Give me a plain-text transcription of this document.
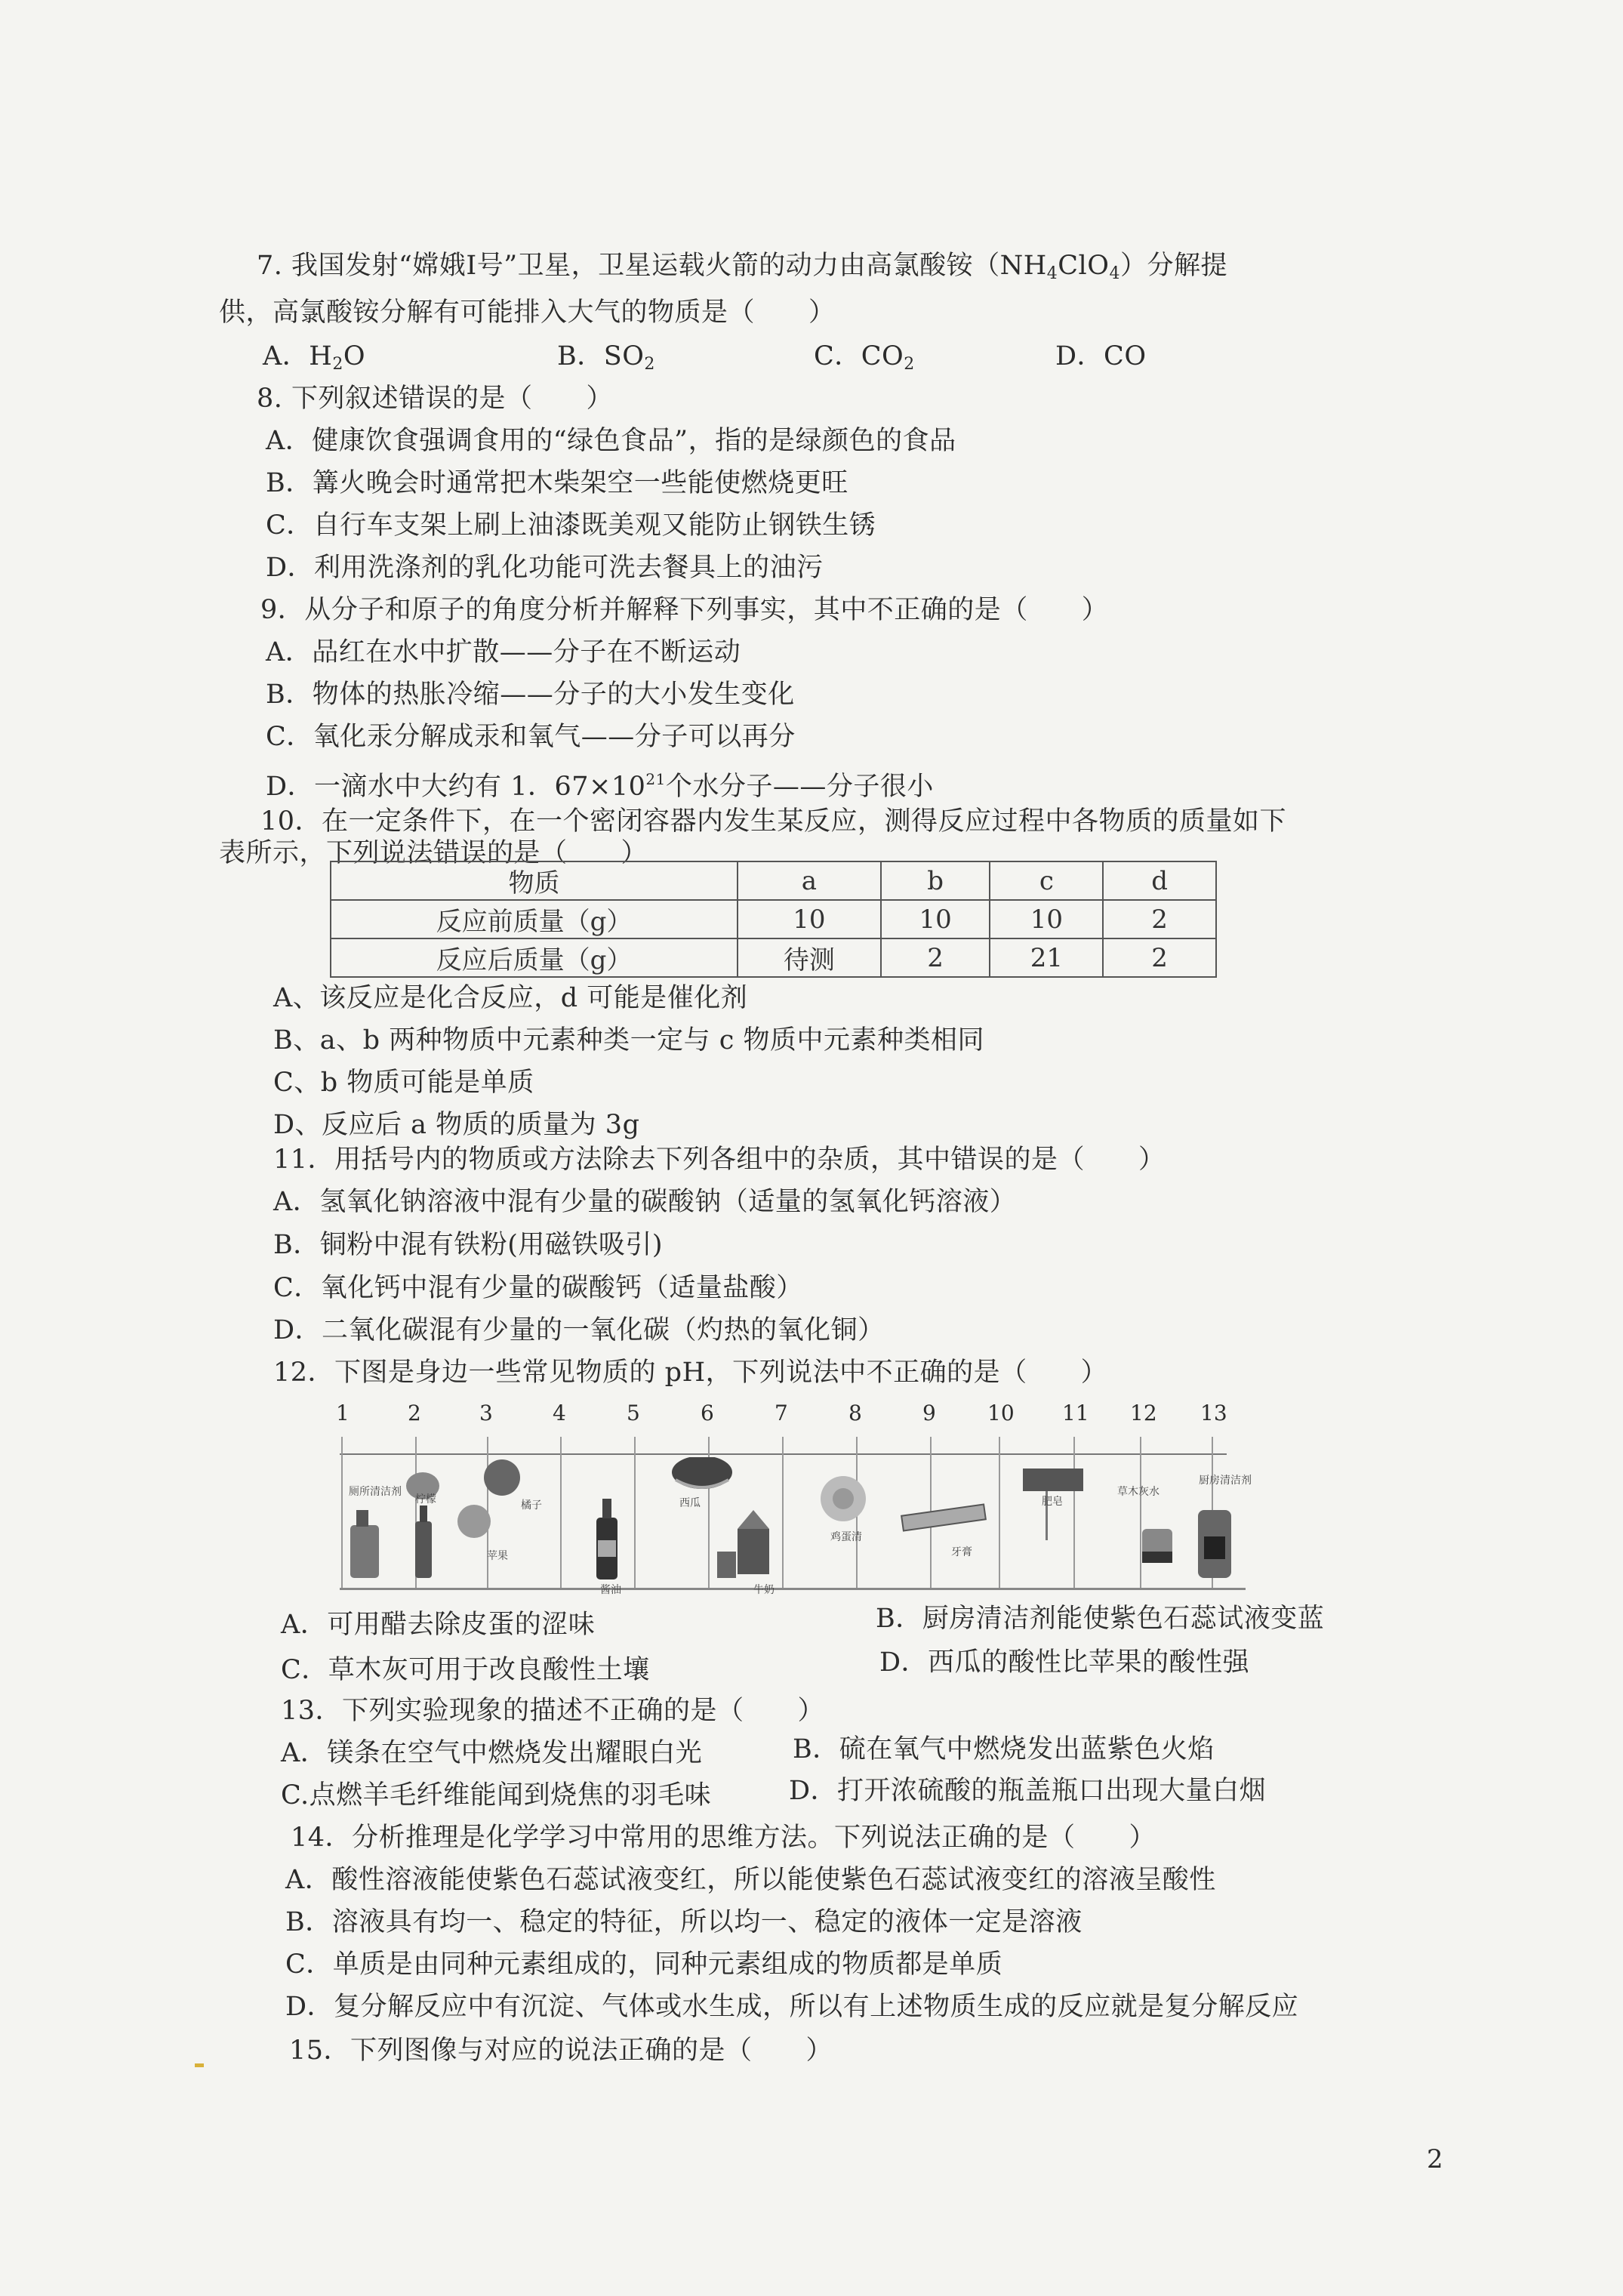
7. 我国发射“嫦娥Ⅰ号”卫星，卫星运载火箭的动力由高氯酸铵$(NH_4ClO_4)$分解提
供，高氯酸铵分解有可能排入大气的物质是（　　）
A．$H_2O$	B．$SO_2$	C．$CO_2$	D．CO
8. 下列叙述错误的是（　　）
A．健康饮食强调食用的“绿色食品”，指的是绿颜色的食品
B．篝火晚会时通常把木柴架空一些能使燃烧更旺
C．自行车支架上刷上油漆既美观又能防止钢铁生锈
D．利用洗涤剂的乳化功能可洗去餐具上的油污
9．从分子和原子的角度分析并解释下列事实，其中不正确的是（　　）
A．品红在水中扩散——分子在不断运动
B．物体的热胀冷缩——分子的大小发生变化
C．氧化汞分解成汞和氧气——分子可以再分
D．一滴水中大约有 1．$67\times 10^{21}$个水分子——分子很小
10．在一定条件下，在一个密闭容器内发生某反应，测得反应过程中各物质的质量如下
表所示，下列说法错误的是（　　）
物质	a	b	c	d
反应前质量（g）	10	10	10	2
反应后质量（g）	待测	2	21	2
A、该反应是化合反应，d 可能是催化剂
B、a、b 两种物质中元素种类一定与 c 物质中元素种类相同
C、b 物质可能是单质
D、反应后 a 物质的质量为 3g
11．用括号内的物质或方法除去下列各组中的杂质，其中错误的是（　　）
A．氢氧化钠溶液中混有少量的碳酸钠（适量的氢氧化钙溶液）
B．铜粉中混有铁粉(用磁铁吸引)
C．氧化钙中混有少量的碳酸钙（适量盐酸）
D．二氧化碳混有少量的一氧化碳（灼热的氧化铜）
12．下图是身边一些常见物质的 pH，下列说法中不正确的是（　　）
1	2	3	4	5	6	7	8	9 10 11 12 13
厕所清洁剂
柠檬	橘子
苹果
酱油
西瓜
牛奶
鸡蛋清
牙膏
肥皂
草木灰水
厨房清洁剂
A．可用醋去除皮蛋的涩味	B．厨房清洁剂能使紫色石蕊试液变蓝
C．草木灰可用于改良酸性土壤	D．西瓜的酸性比苹果的酸性强
13．下列实验现象的描述不正确的是（　　）
A．镁条在空气中燃烧发出耀眼白光	B．硫在氧气中燃烧发出蓝紫色火焰
C.点燃羊毛纤维能闻到烧焦的羽毛味	D．打开浓硫酸的瓶盖瓶口出现大量白烟
14．分析推理是化学学习中常用的思维方法。下列说法正确的是（　　）
A．酸性溶液能使紫色石蕊试液变红，所以能使紫色石蕊试液变红的溶液呈酸性
B．溶液具有均一、稳定的特征，所以均一、稳定的液体一定是溶液
C．单质是由同种元素组成的，同种元素组成的物质都是单质
D．复分解反应中有沉淀、气体或水生成，所以有上述物质生成的反应就是复分解反应
15．下列图像与对应的说法正确的是（　　）
2
